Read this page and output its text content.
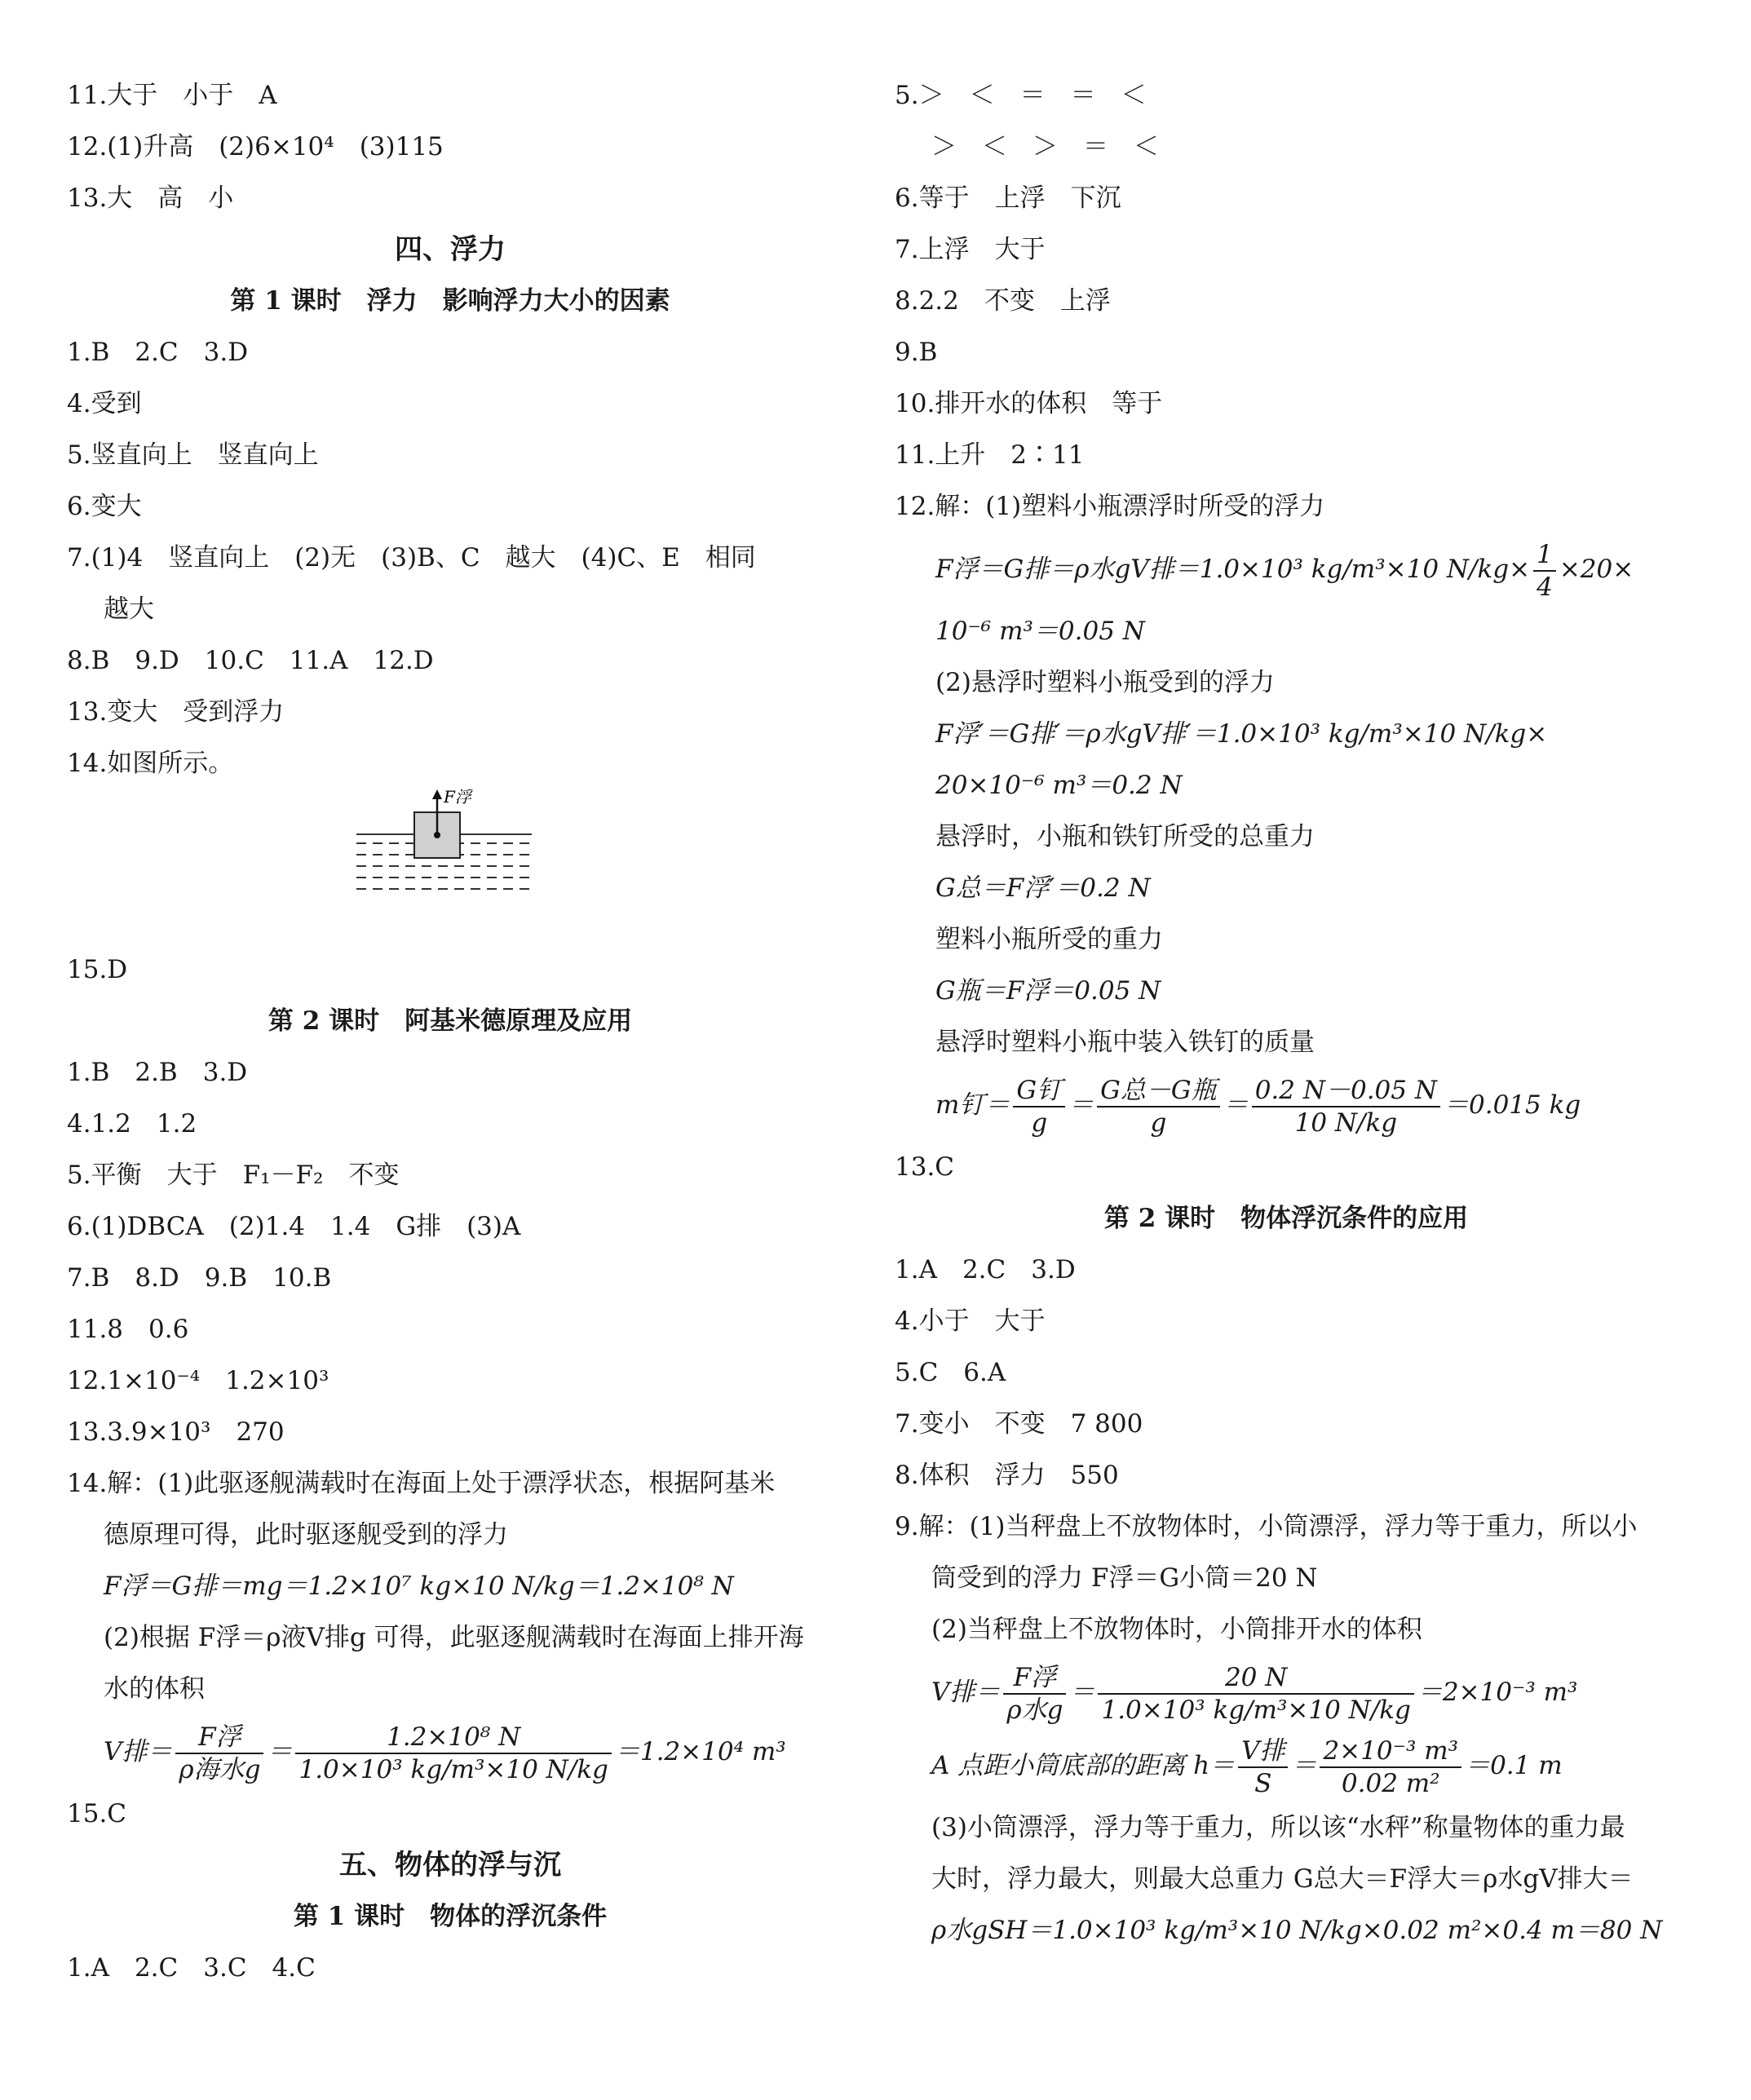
11.大于　小于　A
12.(1)升高　(2)6×10⁴　(3)115
13.大　高　小
四、浮力
第 1 课时　浮力　影响浮力大小的因素
1.B　2.C　3.D
4.受到
5.竖直向上　竖直向上
6.变大
7.(1)4　竖直向上　(2)无　(3)B、C　越大　(4)C、E　相同
越大
8.B　9.D　10.C　11.A　12.D
13.变大　受到浮力
14.如图所示。
F浮
15.D
第 2 课时　阿基米德原理及应用
1.B　2.B　3.D
4.1.2　1.2
5.平衡　大于　F₁－F₂　不变
6.(1)DBCA　(2)1.4　1.4　G排　(3)A
7.B　8.D　9.B　10.B
11.8　0.6
12.1×10⁻⁴　1.2×10³
13.3.9×10³　270
14.解：(1)此驱逐舰满载时在海面上处于漂浮状态，根据阿基米
德原理可得，此时驱逐舰受到的浮力
F浮＝G排＝mg＝1.2×10⁷ kg×10 N/kg＝1.2×10⁸ N
(2)根据 F浮＝ρ液V排g 可得，此驱逐舰满载时在海面上排开海
水的体积
V排＝ $\frac{\text{F浮}}{\text{ρ海水g}} = \frac{\text{1.2×10⁸ N}}{\text{1.0×10³ kg/m³×10 N/kg}} =1.2\times 10^4$ m³
15.C
五、物体的浮与沉
第 1 课时　物体的浮沉条件
1.A　2.C　3.C　4.C
5.＞　＜　＝　＝　＜
＞　＜　＞　＝　＜
6.等于　上浮　下沉
7.上浮　大于
8.2.2　不变　上浮
9.B
10.排开水的体积　等于
11.上升　2∶11
12.解：(1)塑料小瓶漂浮时所受的浮力
F浮＝G排＝ρ水gV排＝1.0×10³ kg/m³×10 $N/kg\times \frac{1}{4} \times 20\times$
10⁻⁶ m³＝0.05 N
(2)悬浮时塑料小瓶受到的浮力
F浮′＝G排′＝ρ水gV排′＝1.0×10³ kg/m³×10 N/kg×
20×10⁻⁶ m³＝0.2 N
悬浮时，小瓶和铁钉所受的总重力
G总＝F浮′＝0.2 N
塑料小瓶所受的重力
G瓶＝F浮＝0.05 N
悬浮时塑料小瓶中装入铁钉的质量
m钉＝ $\frac{\text{G钉}}{g} = \frac{\text{G总－G瓶}}{g} = \frac{0.2 N-0.05 N}{10 N/kg} =0.015$ kg
13.C
第 2 课时　物体浮沉条件的应用
1.A　2.C　3.D
4.小于　大于
5.C　6.A
7.变小　不变　7 800
8.体积　浮力　550
9.解：(1)当秤盘上不放物体时，小筒漂浮，浮力等于重力，所以小
筒受到的浮力 F浮＝G小筒＝20 N
(2)当秤盘上不放物体时，小筒排开水的体积
V排＝ $\frac{\text{F浮}}{\text{ρ水g}} = \frac{20 N}{\text{1.0×10³ kg/m³×10 N/kg}} =2\times 10^{-3}$ m³
A 点距小筒底部的距离 $h= \frac{\text{V排}}{S} = \frac{\text{2×10⁻³ m³}}{\text{0.02 m²}} =0.1$ m
(3)小筒漂浮，浮力等于重力，所以该“水秤”称量物体的重力最
大时，浮力最大，则最大总重力 G总大＝F浮大＝ρ水gV排大＝
ρ水gSH＝1.0×10³ kg/m³×10 N/kg×0.02 m²×0.4 m＝80 N
